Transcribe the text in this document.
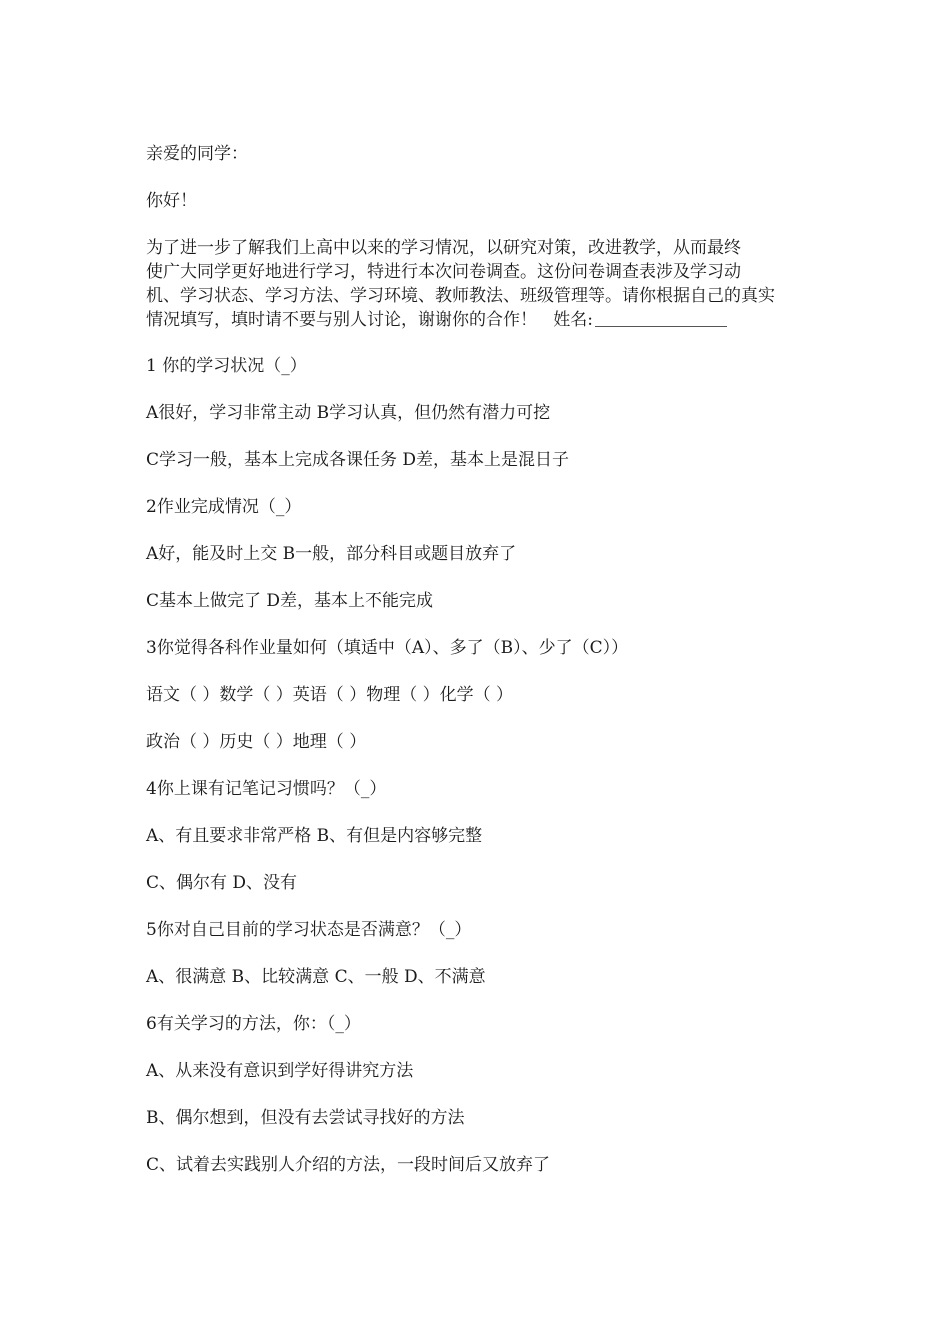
亲爱的同学：
你好！
为了进一步了解我们上高中以来的学习情况，以研究对策，改进教学，从而最终
使广大同学更好地进行学习，特进行本次问卷调查。这份问卷调查表涉及学习动
机、学习状态、学习方法、学习环境、教师教法、班级管理等。请你根据自己的真实
情况填写，填时请不要与别人讨论，谢谢你的合作！ 姓名:
1 你的学习状况（_）
A很好，学习非常主动 B学习认真，但仍然有潜力可挖
C学习一般，基本上完成各课任务 D差，基本上是混日子
2作业完成情况（_）
A好，能及时上交 B一般，部分科目或题目放弃了
C基本上做完了 D差，基本上不能完成
3你觉得各科作业量如何（填适中（A）、多了（B）、少了（C））
语文（ ）数学（ ）英语（ ）物理（ ）化学（ ）
政治（ ）历史（ ）地理（ ）
4你上课有记笔记习惯吗？（_）
A、有且要求非常严格 B、有但是内容够完整
C、偶尔有 D、没有
5你对自己目前的学习状态是否满意？（_）
A、很满意 B、比较满意 C、一般 D、不满意
6有关学习的方法，你：（_）
A、从来没有意识到学好得讲究方法
B、偶尔想到，但没有去尝试寻找好的方法
C、试着去实践别人介绍的方法，一段时间后又放弃了
